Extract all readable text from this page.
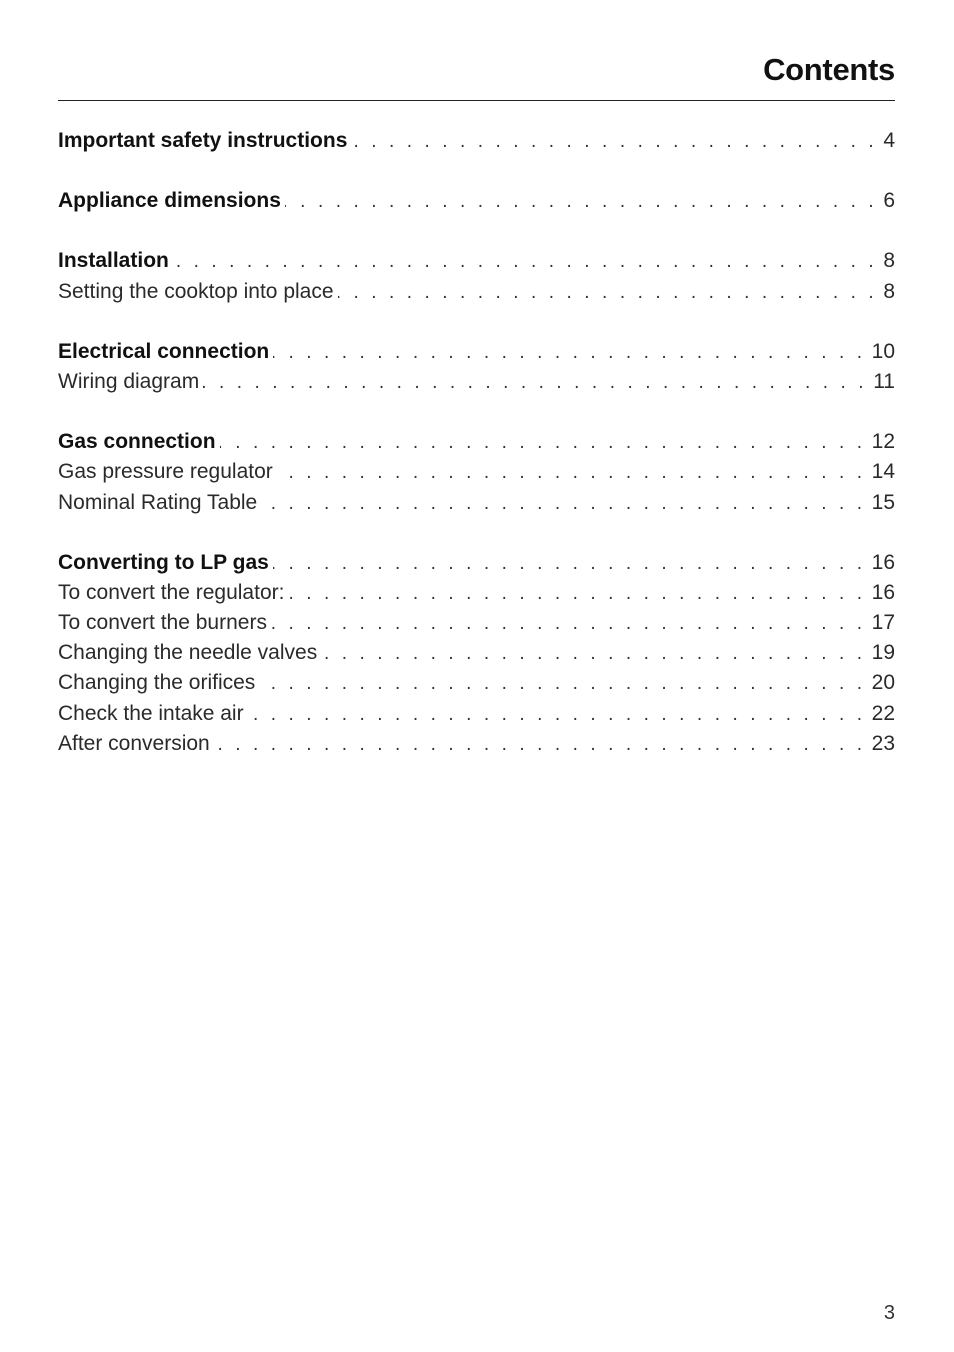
Contents
Important safety instructions . . .	4
Appliance dimensions . . .	6
Installation . . .	8
Setting the cooktop into place . . .	8
Electrical connection . . .	10
Wiring diagram . . .	11
Gas connection . . .	12
Gas pressure regulator . . .	14
Nominal Rating Table . . .	15
Converting to LP gas . . .	16
To convert the regulator: . . .	16
To convert the burners . . .	17
Changing the needle valves . . .	19
Changing the orifices . . .	20
Check the intake air . . .	22
After conversion . . .	23
3
